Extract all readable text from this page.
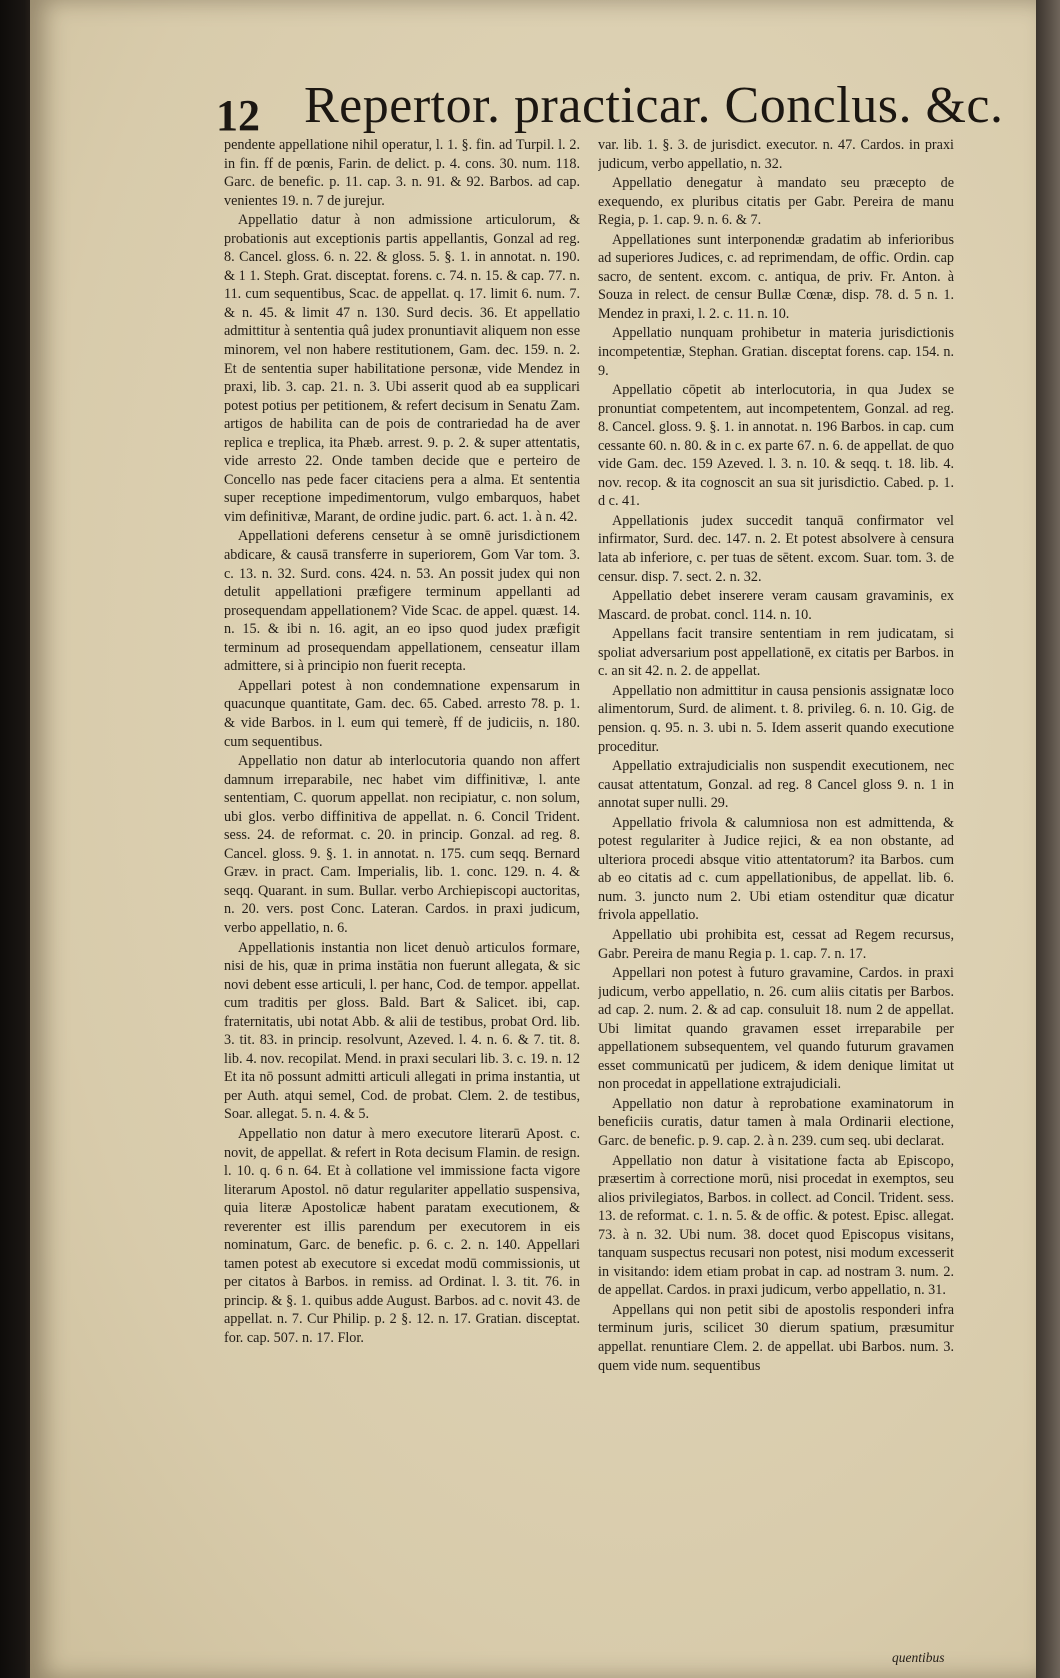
12 Repertor. practicar. Conclus. &c.

pendente appellatione nihil operatur, l. 1. §. fin. ad Turpil. l. 2. in fin. ff de pœnis, Farin. de delict. p. 4. cons. 30. num. 118. Garc. de benefic. p. 11. cap. 3. n. 91. & 92. Barbos. ad cap. venientes 19. n. 7 de jurejur.

Appellatio datur à non admissione articulorum, & probationis aut exceptionis partis appellantis, Gonzal ad reg. 8. Cancel. gloss. 6. n. 22. & gloss. 5. §. 1. in annotat. n. 190. & 1 1. Steph. Grat. disceptat. forens. c. 74. n. 15. & cap. 77. n. 11. cum sequentibus, Scac. de appellat. q. 17. limit 6. num. 7. & n. 45. & limit 47 n. 130. Surd decis. 36. Et appellatio admittitur à sententia quâ judex pronuntiavit aliquem non esse minorem, vel non habere restitutionem, Gam. dec. 159. n. 2. Et de sententia super habilitatione personæ, vide Mendez in praxi, lib. 3. cap. 21. n. 3. Ubi asserit quod ab ea supplicari potest potius per petitionem, & refert decisum in Senatu Zam. artigos de habilita can de pois de contrariedad ha de aver replica e treplica, ita Phæb. arrest. 9. p. 2. & super attentatis, vide arresto 22. Onde tamben decide que e perteiro de Concello nas pede facer citaciens pera a alma. Et sententia super receptione impedimentorum, vulgo embarquos, habet vim definitivæ, Marant, de ordine judic. part. 6. act. 1. à n. 42.

Appellationi deferens censetur à se omnē jurisdictionem abdicare, & causā transferre in superiorem, Gom Var tom. 3. c. 13. n. 32. Surd. cons. 424. n. 53. An possit judex qui non detulit appellationi præfigere terminum appellanti ad prosequendam appellationem? Vide Scac. de appel. quæst. 14. n. 15. & ibi n. 16. agit, an eo ipso quod judex præfigit terminum ad prosequendam appellationem, censeatur illam admittere, si à principio non fuerit recepta.

Appellari potest à non condemnatione expensarum in quacunque quantitate, Gam. dec. 65. Cabed. arresto 78. p. 1. & vide Barbos. in l. eum qui temerè, ff de judiciis, n. 180. cum sequentibus.

Appellatio non datur ab interlocutoria quando non affert damnum irreparabile, nec habet vim diffinitivæ, l. ante sententiam, C. quorum appellat. non recipiatur, c. non solum, ubi glos. verbo diffinitiva de appellat. n. 6. Concil Trident. sess. 24. de reformat. c. 20. in princip. Gonzal. ad reg. 8. Cancel. gloss. 9. §. 1. in annotat. n. 175. cum seqq. Bernard Græv. in pract. Cam. Imperialis, lib. 1. conc. 129. n. 4. & seqq. Quarant. in sum. Bullar. verbo Archiepiscopi auctoritas, n. 20. vers. post Conc. Lateran. Cardos. in praxi judicum, verbo appellatio, n. 6.

Appellationis instantia non licet denuò articulos formare, nisi de his, quæ in prima instātia non fuerunt allegata, & sic novi debent esse articuli, l. per hanc, Cod. de tempor. appellat. cum traditis per gloss. Bald. Bart & Salicet. ibi, cap. fraternitatis, ubi notat Abb. & alii de testibus, probat Ord. lib. 3. tit. 83. in princip. resolvunt, Azeved. l. 4. n. 6. & 7. tit. 8. lib. 4. nov. recopilat. Mend. in praxi seculari lib. 3. c. 19. n. 12 Et ita nō possunt admitti articuli allegati in prima instantia, ut per Auth. atqui semel, Cod. de probat. Clem. 2. de testibus, Soar. allegat. 5. n. 4. & 5.

Appellatio non datur à mero executore literarū Apost. c. novit, de appellat. & refert in Rota decisum Flamin. de resign. l. 10. q. 6 n. 64. Et à collatione vel immissione facta vigore literarum Apostol. nō datur regulariter appellatio suspensiva, quia literæ Apostolicæ habent paratam executionem, & reverenter est illis parendum per executorem in eis nominatum, Garc. de benefic. p. 6. c. 2. n. 140. Appellari tamen potest ab executore si excedat modū commissionis, ut per citatos à Barbos. in remiss. ad Ordinat. l. 3. tit. 76. in princip. & §. 1. quibus adde August. Barbos. ad c. novit 43. de appellat. n. 7. Cur Philip. p. 2 §. 12. n. 17. Gratian. disceptat. for. cap. 507. n. 17. Flor.

var. lib. 1. §. 3. de jurisdict. executor. n. 47. Cardos. in praxi judicum, verbo appellatio, n. 32.

Appellatio denegatur à mandato seu præcepto de exequendo, ex pluribus citatis per Gabr. Pereira de manu Regia, p. 1. cap. 9. n. 6. & 7.

Appellationes sunt interponendæ gradatim ab inferioribus ad superiores Judices, c. ad reprimendam, de offic. Ordin. cap sacro, de sentent. excom. c. antiqua, de priv. Fr. Anton. à Souza in relect. de censur Bullæ Cœnæ, disp. 78. d. 5 n. 1. Mendez in praxi, l. 2. c. 11. n. 10.

Appellatio nunquam prohibetur in materia jurisdictionis incompetentiæ, Stephan. Gratian. disceptat forens. cap. 154. n. 9.

Appellatio cōpetit ab interlocutoria, in qua Judex se pronuntiat competentem, aut incompetentem, Gonzal. ad reg. 8. Cancel. gloss. 9. §. 1. in annotat. n. 196 Barbos. in cap. cum cessante 60. n. 80. & in c. ex parte 67. n. 6. de appellat. de quo vide Gam. dec. 159 Azeved. l. 3. n. 10. & seqq. t. 18. lib. 4. nov. recop. & ita cognoscit an sua sit jurisdictio. Cabed. p. 1. d c. 41.

Appellationis judex succedit tanquā confirmator vel infirmator, Surd. dec. 147. n. 2. Et potest absolvere à censura lata ab inferiore, c. per tuas de sētent. excom. Suar. tom. 3. de censur. disp. 7. sect. 2. n. 32.

Appellatio debet inserere veram causam gravaminis, ex Mascard. de probat. concl. 114. n. 10.

Appellans facit transire sententiam in rem judicatam, si spoliat adversarium post appellationē, ex citatis per Barbos. in c. an sit 42. n. 2. de appellat.

Appellatio non admittitur in causa pensionis assignatæ loco alimentorum, Surd. de aliment. t. 8. privileg. 6. n. 10. Gig. de pension. q. 95. n. 3. ubi n. 5. Idem asserit quando executione proceditur.

Appellatio extrajudicialis non suspendit executionem, nec causat attentatum, Gonzal. ad reg. 8 Cancel gloss 9. n. 1 in annotat super nulli. 29.

Appellatio frivola & calumniosa non est admittenda, & potest regulariter à Judice rejici, & ea non obstante, ad ulteriora procedi absque vitio attentatorum? ita Barbos. cum ab eo citatis ad c. cum appellationibus, de appellat. lib. 6. num. 3. juncto num 2. Ubi etiam ostenditur quæ dicatur frivola appellatio.

Appellatio ubi prohibita est, cessat ad Regem recursus, Gabr. Pereira de manu Regia p. 1. cap. 7. n. 17.

Appellari non potest à futuro gravamine, Cardos. in praxi judicum, verbo appellatio, n. 26. cum aliis citatis per Barbos. ad cap. 2. num. 2. & ad cap. consuluit 18. num 2 de appellat. Ubi limitat quando gravamen esset irreparabile per appellationem subsequentem, vel quando futurum gravamen esset communicatū per judicem, & idem denique limitat ut non procedat in appellatione extrajudiciali.

Appellatio non datur à reprobatione examinatorum in beneficiis curatis, datur tamen à mala Ordinarii electione, Garc. de benefic. p. 9. cap. 2. à n. 239. cum seq. ubi declarat.

Appellatio non datur à visitatione facta ab Episcopo, præsertim à correctione morū, nisi procedat in exemptos, seu alios privilegiatos, Barbos. in collect. ad Concil. Trident. sess. 13. de reformat. c. 1. n. 5. & de offic. & potest. Episc. allegat. 73. à n. 32. Ubi num. 38. docet quod Episcopus visitans, tanquam suspectus recusari non potest, nisi modum excesserit in visitando: idem etiam probat in cap. ad nostram 3. num. 2. de appellat. Cardos. in praxi judicum, verbo appellatio, n. 31.

Appellans qui non petit sibi de apostolis responderi infra terminum juris, scilicet 30 dierum spatium, præsumitur appellat. renuntiare Clem. 2. de appellat. ubi Barbos. num. 3. quem vide num. sequentibus

quentibus
